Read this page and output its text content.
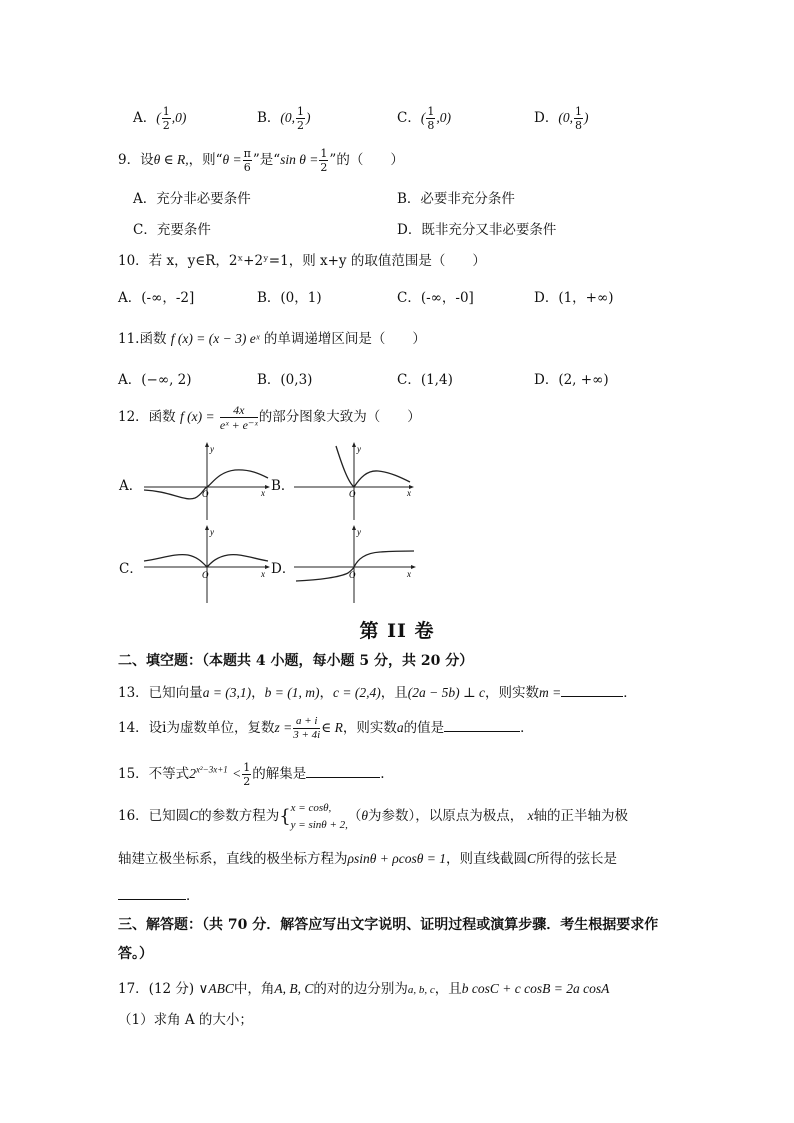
A．( $\frac{1}{2} ,0$)	B．(0, $\frac{1}{2}$ )	C．( $\frac{1}{8} ,0$)	D．(0, $\frac{1}{8}$ )
9．设θ ∈ R,，则“$\theta = \frac{\pi}{6}$ ”是“sin $\theta = \frac{1}{2}$ ”的（　　）
A．充分非必要条件	B．必要非充分条件
C．充要条件	D．既非充分又非必要条件
10．若 x，y∈R，2ˣ+2ʸ=1，则 x+y 的取值范围是（　　）
A．(-∞，-2]	B．(0，1)	C．(-∞，-0]	D．(1，+∞)
11.函数 f (x) = (x − 3) eˣ 的单调递增区间是（　　）
A．(−∞, 2)	B．(0,3)	C．(1,4)	D．(2, +∞)
12．函数 f $(x) = \frac{4x}{\text{eˣ + e⁻ˣ}}$ 的部分图象大致为（　　）
A．	B．
C．	D．
y
x
O
y
x
O
y
x
O
y
x
O
第 II 卷
二、填空题：（本题共 4 小题，每小题 5 分，共 20 分）
13．已知向量a = (3,1)，b = (1, m)，c = (2,4)，且(2a − 5b) ⊥ c，则实数m =	．
14．设i为虚数单位，复数$z = \frac{a + i}{3 + 4i}$ ∈ R，则实数a的值是	．
15．不等式$2^{x^2-3x+1} < \frac{1}{2}$ 的解集是	.
16．已知圆C的参数方程为{ x = cosθ,
y = sinθ + 2,
（θ为参数），以原点为极点， x轴的正半轴为极
轴建立极坐标系，直线的极坐标方程为ρsinθ + ρcosθ = 1，则直线截圆C所得的弦长是
．
三、解答题：（共 70 分．解答应写出文字说明、证明过程或演算步骤．考生根据要求作
答。）
17．(12 分) ∨ABC中，角A, B, C的对的边分别为a, b, c，且b cosC + c cosB = 2a cosA
（1）求角 A 的大小；
